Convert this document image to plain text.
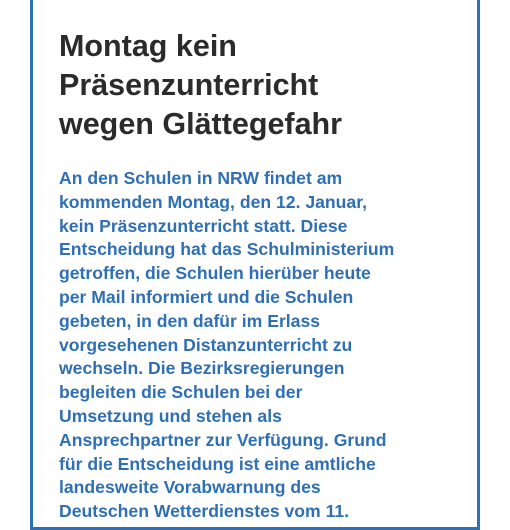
Montag kein
Präsenzunterricht
wegen Glättegefahr
An den Schulen in NRW findet am
kommenden Montag, den 12. Januar,
kein Präsenzunterricht statt. Diese
Entscheidung hat das Schulministerium
getroffen, die Schulen hierüber heute
per Mail informiert und die Schulen
gebeten, in den dafür im Erlass
vorgesehenen Distanzunterricht zu
wechseln. Die Bezirksregierungen
begleiten die Schulen bei der
Umsetzung und stehen als
Ansprechpartner zur Verfügung. Grund
für die Entscheidung ist eine amtliche
landesweite Vorabwarnung des
Deutschen Wetterdienstes vom 11.
